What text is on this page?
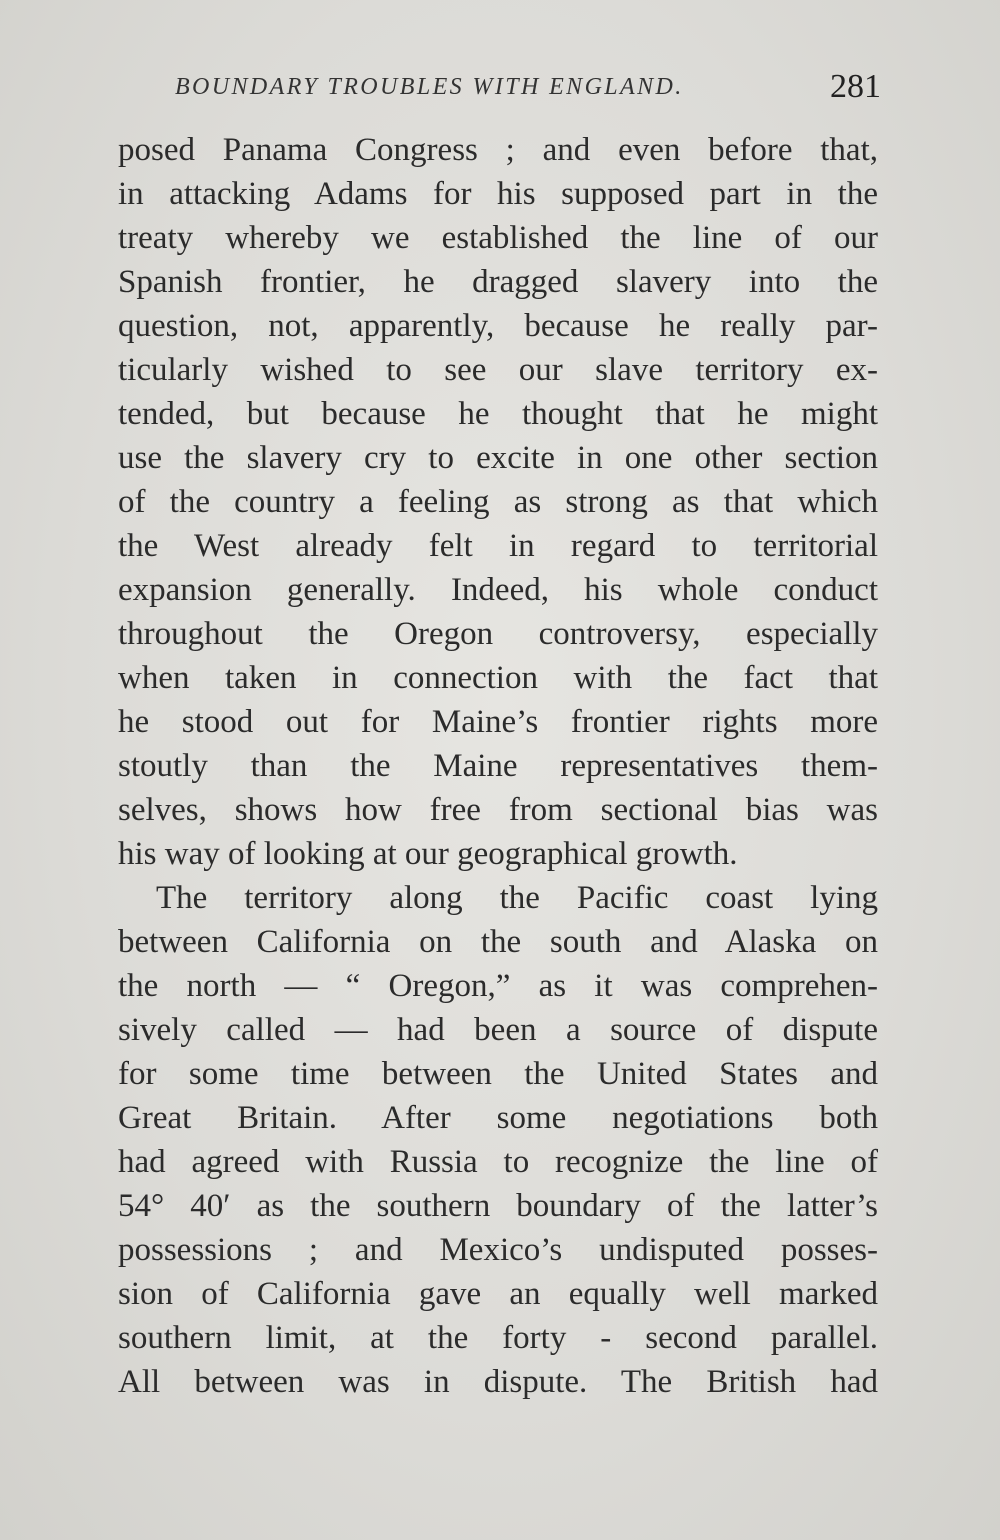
BOUNDARY TROUBLES WITH ENGLAND.	281
posed Panama Congress ; and even before that,
in attacking Adams for his supposed part in the
treaty whereby we established the line of our
Spanish frontier, he dragged slavery into the
question, not, apparently, because he really par-
ticularly wished to see our slave territory ex-
tended, but because he thought that he might
use the slavery cry to excite in one other section
of the country a feeling as strong as that which
the West already felt in regard to territorial
expansion generally. Indeed, his whole conduct
throughout the Oregon controversy, especially
when taken in connection with the fact that
he stood out for Maine’s frontier rights more
stoutly than the Maine representatives them-
selves, shows how free from sectional bias was
his way of looking at our geographical growth.
The territory along the Pacific coast lying
between California on the south and Alaska on
the north — “ Oregon,” as it was comprehen-
sively called — had been a source of dispute
for some time between the United States and
Great Britain. After some negotiations both
had agreed with Russia to recognize the line of
54° 40′ as the southern boundary of the latter’s
possessions ; and Mexico’s undisputed posses-
sion of California gave an equally well marked
southern limit, at the forty - second parallel.
All between was in dispute. The British had
